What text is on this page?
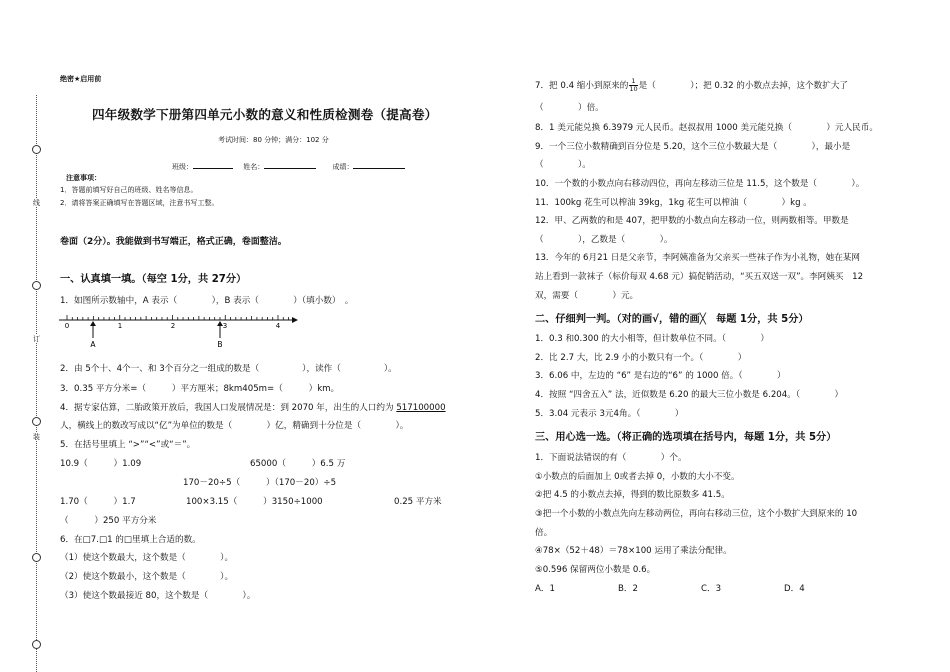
线
订
装
绝密★启用前
四年级数学下册第四单元小数的意义和性质检测卷（提高卷）
考试时间：80 分钟；满分：102 分
班级：	姓名：	成绩：
注意事项：
1．答题前填写好自己的班级、姓名等信息。
2．请将答案正确填写在答题区域，注意书写工整。
卷面（2分）。我能做到书写端正，格式正确，卷面整洁。
一、认真填一填。（每空 1分，共 27分）
1．如图所示数轴中，A 表示（　　　　），B 表示（　　　　）（填小数）　。
0	1	2	3	4
A	B
2．由 5个十、4个一、和 3个百分之一组成的数是（　　　　　），读作（　　　　　）。
3．0.35 平方分米=（　　　）平方厘米；8km405m=（　　　）km。
4．据专家估算，二胎政策开放后，我国人口发展情况是：到 2070 年，出生的人口约为 517100000
人，横线上的数改写成以“亿”为单位的数是（　　　　）亿，精确到十分位是（　　　　）。
5．在括号里填上 “>”“<”或“＝”。
10.9（　　　）1.09	65000（　　　）6.5 万
170－20÷5（　　　）（170－20）÷5
1.70（　　　）1.7	100×3.15（　　　）3150÷1000	0.25 平方米
（　　　）250 平方分米
6．在□7.□1 的□里填上合适的数。
（1）使这个数最大，这个数是（　　　　）。
（2）使这个数最小，这个数是（　　　　）。
（3）使这个数最接近 80，这个数是（　　　　）。
7．把 0.4 缩小到原来的 $\frac{1}{10}$ 是（　　　　）；把 0.32 的小数点去掉，这个数扩大了
（　　　　）倍。
8．1 美元能兑换 6.3979 元人民币。赵叔叔用 1000 美元能兑换（　　　　）元人民币。
9．一个三位小数精确到百分位是 5.20，这个三位小数最大是（　　　　），最小是
（　　　　）。
10．一个数的小数点向右移动四位，再向左移动三位是 11.5，这个数是（　　　　）。
11．100kg 花生可以榨油 39kg，1kg 花生可以榨油（　　　　）kg 。
12．甲、乙两数的和是 407，把甲数的小数点向左移动一位，则两数相等。甲数是
（　　　　），乙数是（　　　　）。
13．今年的 6月21 日是父亲节，李阿姨准备为父亲买一些袜子作为小礼物，她在某网
站上看到一款袜子（标价每双 4.68 元）搞促销活动，“买五双送一双”。李阿姨买　12
双，需要（　　　　）元。
二、仔细判一判。（对的画√，错的画╳　每题 1分，共 5分）
1．0.3 和0.300 的大小相等，但计数单位不同。（　　　　）
2．比 2.7 大，比 2.9 小的小数只有一个。（　　　　）
3．6.06 中，左边的 “6” 是右边的“6” 的 1000 倍。（　　　　）
4．按照 “四舍五入” 法，近似数是 6.20 的最大三位小数是 6.204。（　　　　）
5．3.04 元表示 3元4角。（　　　　）
三、用心选一选。（将正确的选项填在括号内，每题 1分，共 5分）
1．下面说法错误的有（　　　　）个。
①小数点的后面加上 0或者去掉 0，小数的大小不变。
②把 4.5 的小数点去掉，得到的数比原数多 41.5。
③把一个小数的小数点先向左移动两位，再向右移动三位，这个小数扩大到原来的 10
倍。
④78×（52＋48）＝78×100 运用了乘法分配律。
⑤0.596 保留两位小数是 0.6。
A．1	B．2	C．3	D．4
